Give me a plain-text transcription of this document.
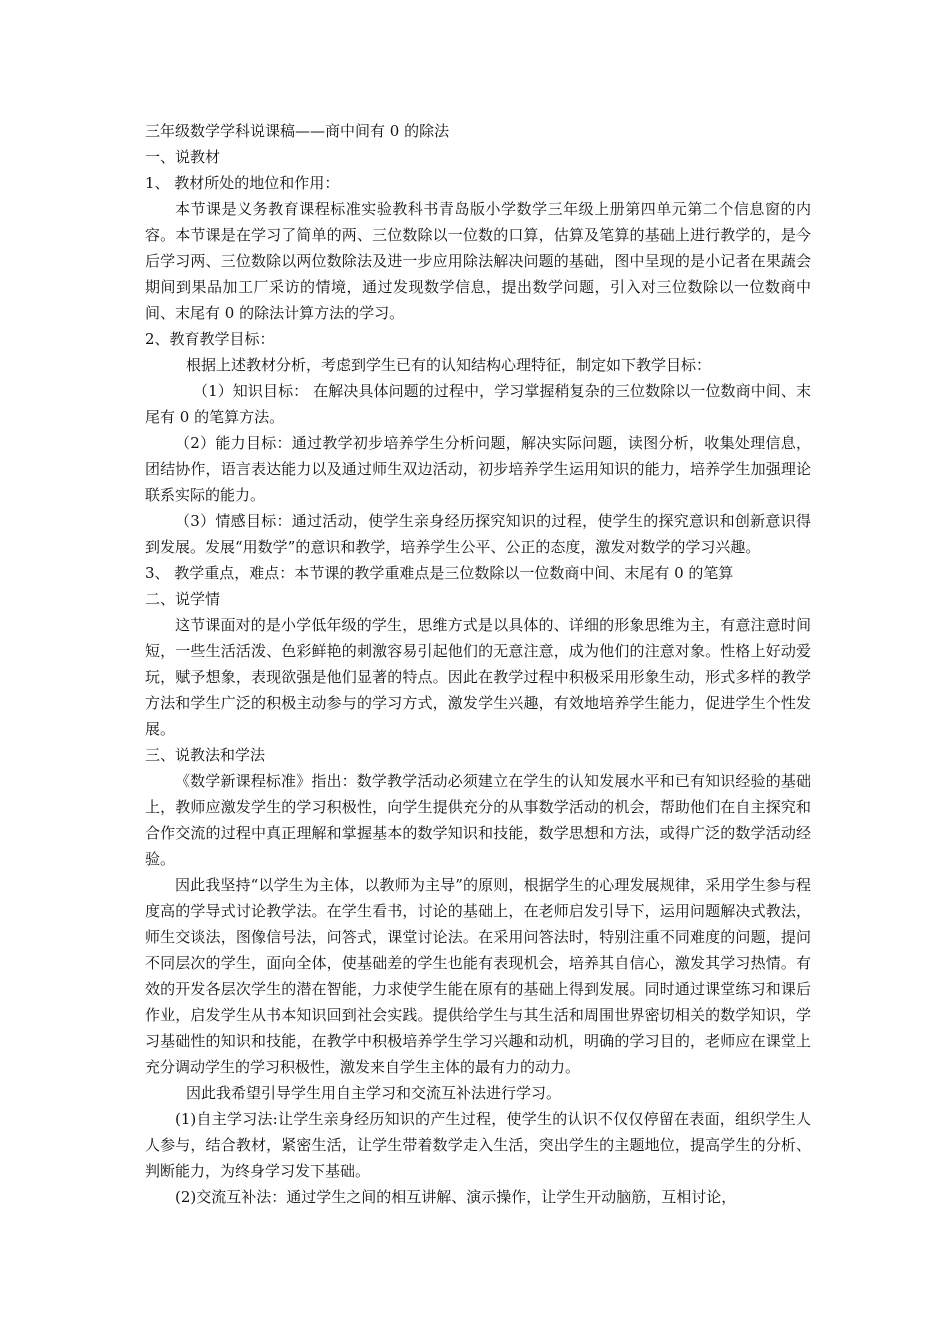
三年级数学学科说课稿——商中间有 0 的除法

一、说教材

1、 教材所处的地位和作用：

本节课是义务教育课程标准实验教科书青岛版小学数学三年级上册第四单元第二个信息窗的内容。本节课是在学习了简单的两、三位数除以一位数的口算，估算及笔算的基础上进行教学的，是今后学习两、三位数除以两位数除法及进一步应用除法解决问题的基础，图中呈现的是小记者在果蔬会期间到果品加工厂采访的情境，通过发现数学信息，提出数学问题，引入对三位数除以一位数商中间、末尾有 0 的除法计算方法的学习。

2、教育教学目标：

根据上述教材分析，考虑到学生已有的认知结构心理特征，制定如下教学目标：

（1）知识目标： 在解决具体问题的过程中，学习掌握稍复杂的三位数除以一位数商中间、末尾有 0 的笔算方法。

（2）能力目标：通过教学初步培养学生分析问题，解决实际问题，读图分析，收集处理信息，团结协作，语言表达能力以及通过师生双边活动，初步培养学生运用知识的能力，培养学生加强理论联系实际的能力。

（3）情感目标：通过活动，使学生亲身经历探究知识的过程，使学生的探究意识和创新意识得到发展。发展“用数学”的意识和教学，培养学生公平、公正的态度，激发对数学的学习兴趣。

3、 教学重点，难点：本节课的教学重难点是三位数除以一位数商中间、末尾有 0 的笔算

二、说学情

这节课面对的是小学低年级的学生，思维方式是以具体的、详细的形象思维为主，有意注意时间短，一些生活活泼、色彩鲜艳的刺激容易引起他们的无意注意，成为他们的注意对象。性格上好动爱玩，赋予想象，表现欲强是他们显著的特点。因此在教学过程中积极采用形象生动，形式多样的教学方法和学生广泛的积极主动参与的学习方式，激发学生兴趣，有效地培养学生能力，促进学生个性发展。

三、说教法和学法

《数学新课程标准》指出：数学教学活动必须建立在学生的认知发展水平和已有知识经验的基础上，教师应激发学生的学习积极性，向学生提供充分的从事数学活动的机会，帮助他们在自主探究和合作交流的过程中真正理解和掌握基本的数学知识和技能，数学思想和方法，或得广泛的数学活动经验。

因此我坚持“以学生为主体，以教师为主导”的原则，根据学生的心理发展规律，采用学生参与程度高的学导式讨论教学法。在学生看书，讨论的基础上，在老师启发引导下，运用问题解决式教法，师生交谈法，图像信号法，问答式，课堂讨论法。在采用问答法时，特别注重不同难度的问题，提问不同层次的学生，面向全体，使基础差的学生也能有表现机会，培养其自信心，激发其学习热情。有效的开发各层次学生的潜在智能，力求使学生能在原有的基础上得到发展。同时通过课堂练习和课后作业，启发学生从书本知识回到社会实践。提供给学生与其生活和周围世界密切相关的数学知识，学习基础性的知识和技能，在教学中积极培养学生学习兴趣和动机，明确的学习目的，老师应在课堂上充分调动学生的学习积极性，激发来自学生主体的最有力的动力。

因此我希望引导学生用自主学习和交流互补法进行学习。

(1)自主学习法:让学生亲身经历知识的产生过程，使学生的认识不仅仅停留在表面，组织学生人人参与，结合教材，紧密生活，让学生带着数学走入生活，突出学生的主题地位，提高学生的分析、判断能力，为终身学习发下基础。

(2)交流互补法：通过学生之间的相互讲解、演示操作，让学生开动脑筋，互相讨论，
